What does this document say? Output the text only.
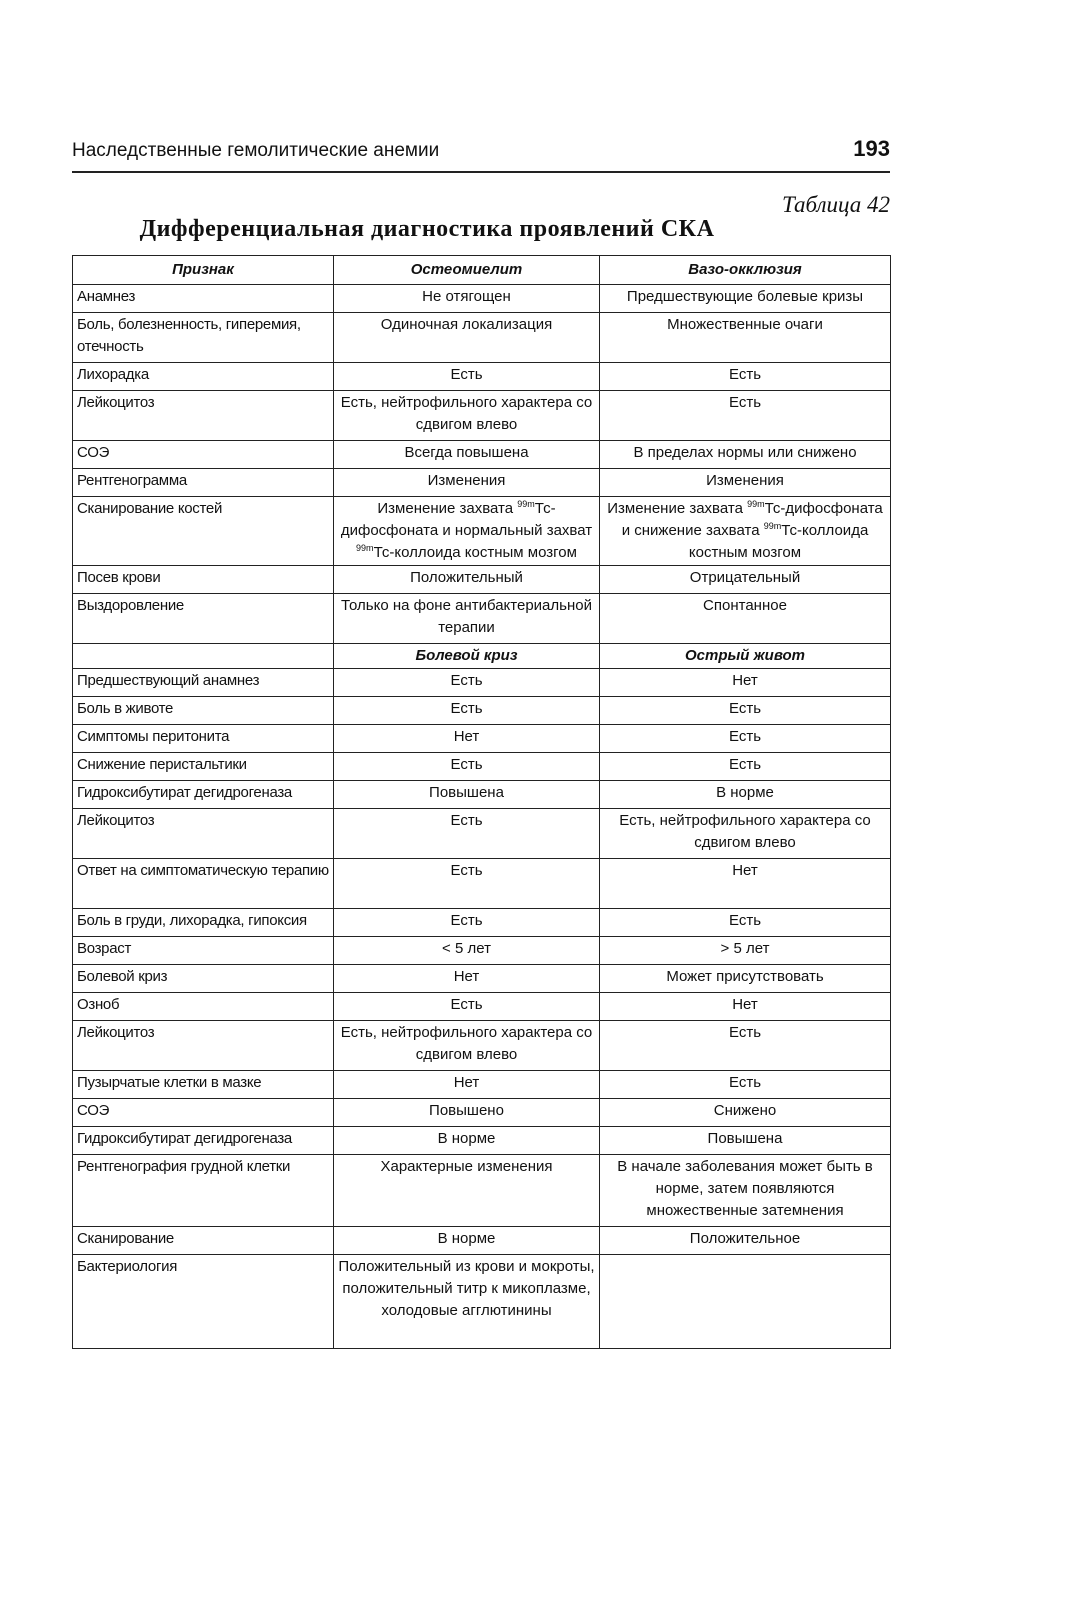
Наследственные гемолитические анемии	193
Таблица 42
Дифференциальная диагностика проявлений СКА
Признак	Остеомиелит	Вазо-окклюзия
Анамнез	Не отягощен	Предшествующие болевые кризы
Боль, болезненность, гиперемия, отечность	Одиночная локализация	Множественные очаги
Лихорадка	Есть	Есть
Лейкоцитоз	Есть, нейтрофильного характера со сдвигом влево	Есть
СОЭ	Всегда повышена	В пределах нормы или снижено
Рентгенограмма	Изменения	Изменения
Сканирование костей	Изменение захвата $^{99m}$Тс-дифосфоната и нормальный захват $^{99m}$Тс-коллоида костным мозгом	Изменение захвата $^{99m}$Тс-дифосфоната и снижение захвата $^{99m}$Тс-коллоида костным мозгом
Посев крови	Положительный	Отрицательный
Выздоровление	Только на фоне антибактериальной терапии	Спонтанное
	Болевой криз	Острый живот
Предшествующий анамнез	Есть	Нет
Боль в животе	Есть	Есть
Симптомы перитонита	Нет	Есть
Снижение перистальтики	Есть	Есть
Гидроксибутират дегидрогеназа	Повышена	В норме
Лейкоцитоз	Есть	Есть, нейтрофильного характера со сдвигом влево
Ответ на симптоматическую терапию	Есть	Нет
Боль в груди, лихорадка, гипоксия	Есть	Есть
Возраст	< 5 лет	> 5 лет
Болевой криз	Нет	Может присутствовать
Озноб	Есть	Нет
Лейкоцитоз	Есть, нейтрофильного характера со сдвигом влево	Есть
Пузырчатые клетки в мазке	Нет	Есть
СОЭ	Повышено	Снижено
Гидроксибутират дегидрогеназа	В норме	Повышена
Рентгенография грудной клетки	Характерные изменения	В начале заболевания может быть в норме, затем появляются множественные затемнения
Сканирование	В норме	Положительное
Бактериология	Положительный из крови и мокроты, положительный титр к микоплазме, холодовые агглютинины	
